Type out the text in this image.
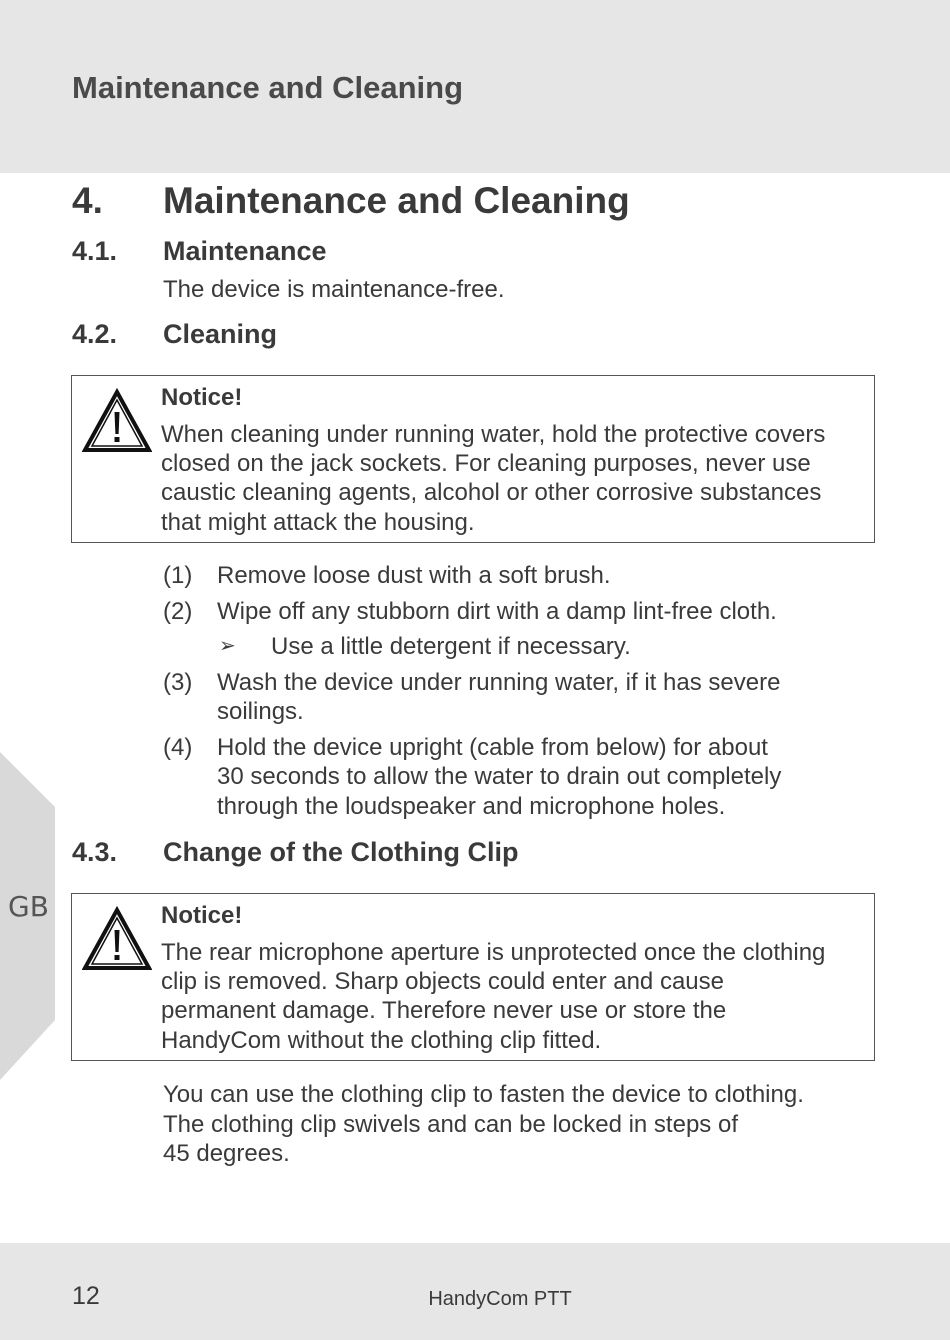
Maintenance and Cleaning
GB
4. Maintenance and Cleaning
4.1. Maintenance

The device is maintenance-free.

4.2. Cleaning

Notice!

When cleaning under running water, hold the protective covers
closed on the jack sockets. For cleaning purposes, never use
caustic cleaning agents, alcohol or other corrosive substances
that might attack the housing.

(1) Remove loose dust with a soft brush.
(2) Wipe off any stubborn dirt with a damp lint-free cloth.
➢ Use a little detergent if necessary.
(3) Wash the device under running water, if it has severe
soilings.
(4) Hold the device upright (cable from below) for about
30 seconds to allow the water to drain out completely
through the loudspeaker and microphone holes.
4.3. Change of the Clothing Clip

Notice!

The rear microphone aperture is unprotected once the clothing
clip is removed. Sharp objects could enter and cause
permanent damage. Therefore never use or store the
HandyCom without the clothing clip fitted.

You can use the clothing clip to fasten the device to clothing.
The clothing clip swivels and can be locked in steps of
45 degrees.

12	HandyCom PTT
